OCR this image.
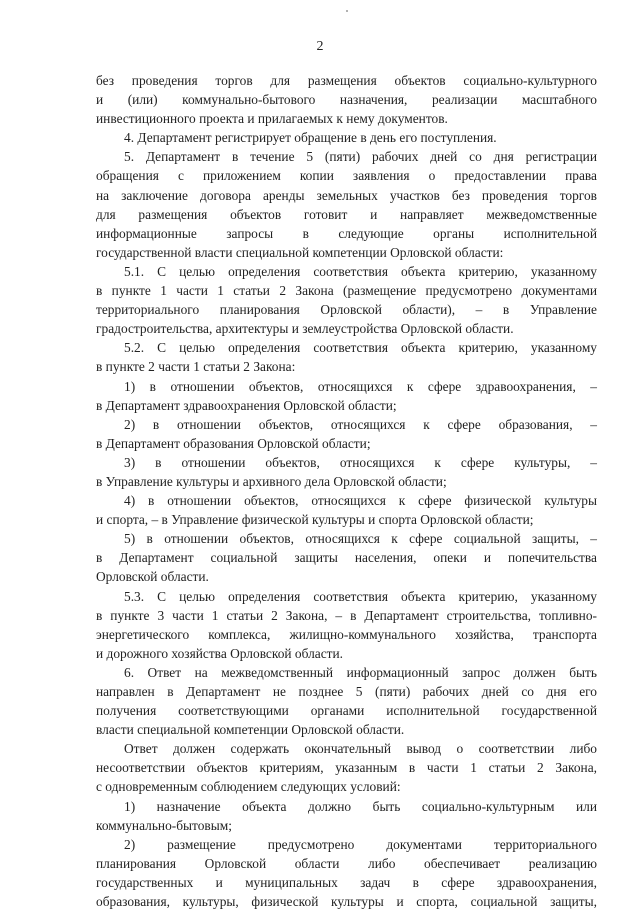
2
без проведения торгов для размещения объектов социально-культурного
и (или) коммунально-бытового назначения, реализации масштабного
инвестиционного проекта и прилагаемых к нему документов.
4. Департамент регистрирует обращение в день его поступления.
5. Департамент в течение 5 (пяти) рабочих дней со дня регистрации
обращения с приложением копии заявления о предоставлении права
на заключение договора аренды земельных участков без проведения торгов
для размещения объектов готовит и направляет межведомственные
информационные запросы в следующие органы исполнительной
государственной власти специальной компетенции Орловской области:
5.1. С целью определения соответствия объекта критерию, указанному
в пункте 1 части 1 статьи 2 Закона (размещение предусмотрено документами
территориального планирования Орловской области), – в Управление
градостроительства, архитектуры и землеустройства Орловской области.
5.2. С целью определения соответствия объекта критерию, указанному
в пункте 2 части 1 статьи 2 Закона:
1) в отношении объектов, относящихся к сфере здравоохранения, –
в Департамент здравоохранения Орловской области;
2) в отношении объектов, относящихся к сфере образования, –
в Департамент образования Орловской области;
3) в отношении объектов, относящихся к сфере культуры, –
в Управление культуры и архивного дела Орловской области;
4) в отношении объектов, относящихся к сфере физической культуры
и спорта, – в Управление физической культуры и спорта Орловской области;
5) в отношении объектов, относящихся к сфере социальной защиты, –
в Департамент социальной защиты населения, опеки и попечительства
Орловской области.
5.3. С целью определения соответствия объекта критерию, указанному
в пункте 3 части 1 статьи 2 Закона, – в Департамент строительства, топливно-
энергетического комплекса, жилищно-коммунального хозяйства, транспорта
и дорожного хозяйства Орловской области.
6. Ответ на межведомственный информационный запрос должен быть
направлен в Департамент не позднее 5 (пяти) рабочих дней со дня его
получения соответствующими органами исполнительной государственной
власти специальной компетенции Орловской области.
Ответ должен содержать окончательный вывод о соответствии либо
несоответствии объектов критериям, указанным в части 1 статьи 2 Закона,
с одновременным соблюдением следующих условий:
1) назначение объекта должно быть социально-культурным или
коммунально-бытовым;
2) размещение предусмотрено документами территориального
планирования Орловской области либо обеспечивает реализацию
государственных и муниципальных задач в сфере здравоохранения,
образования, культуры, физической культуры и спорта, социальной защиты,
